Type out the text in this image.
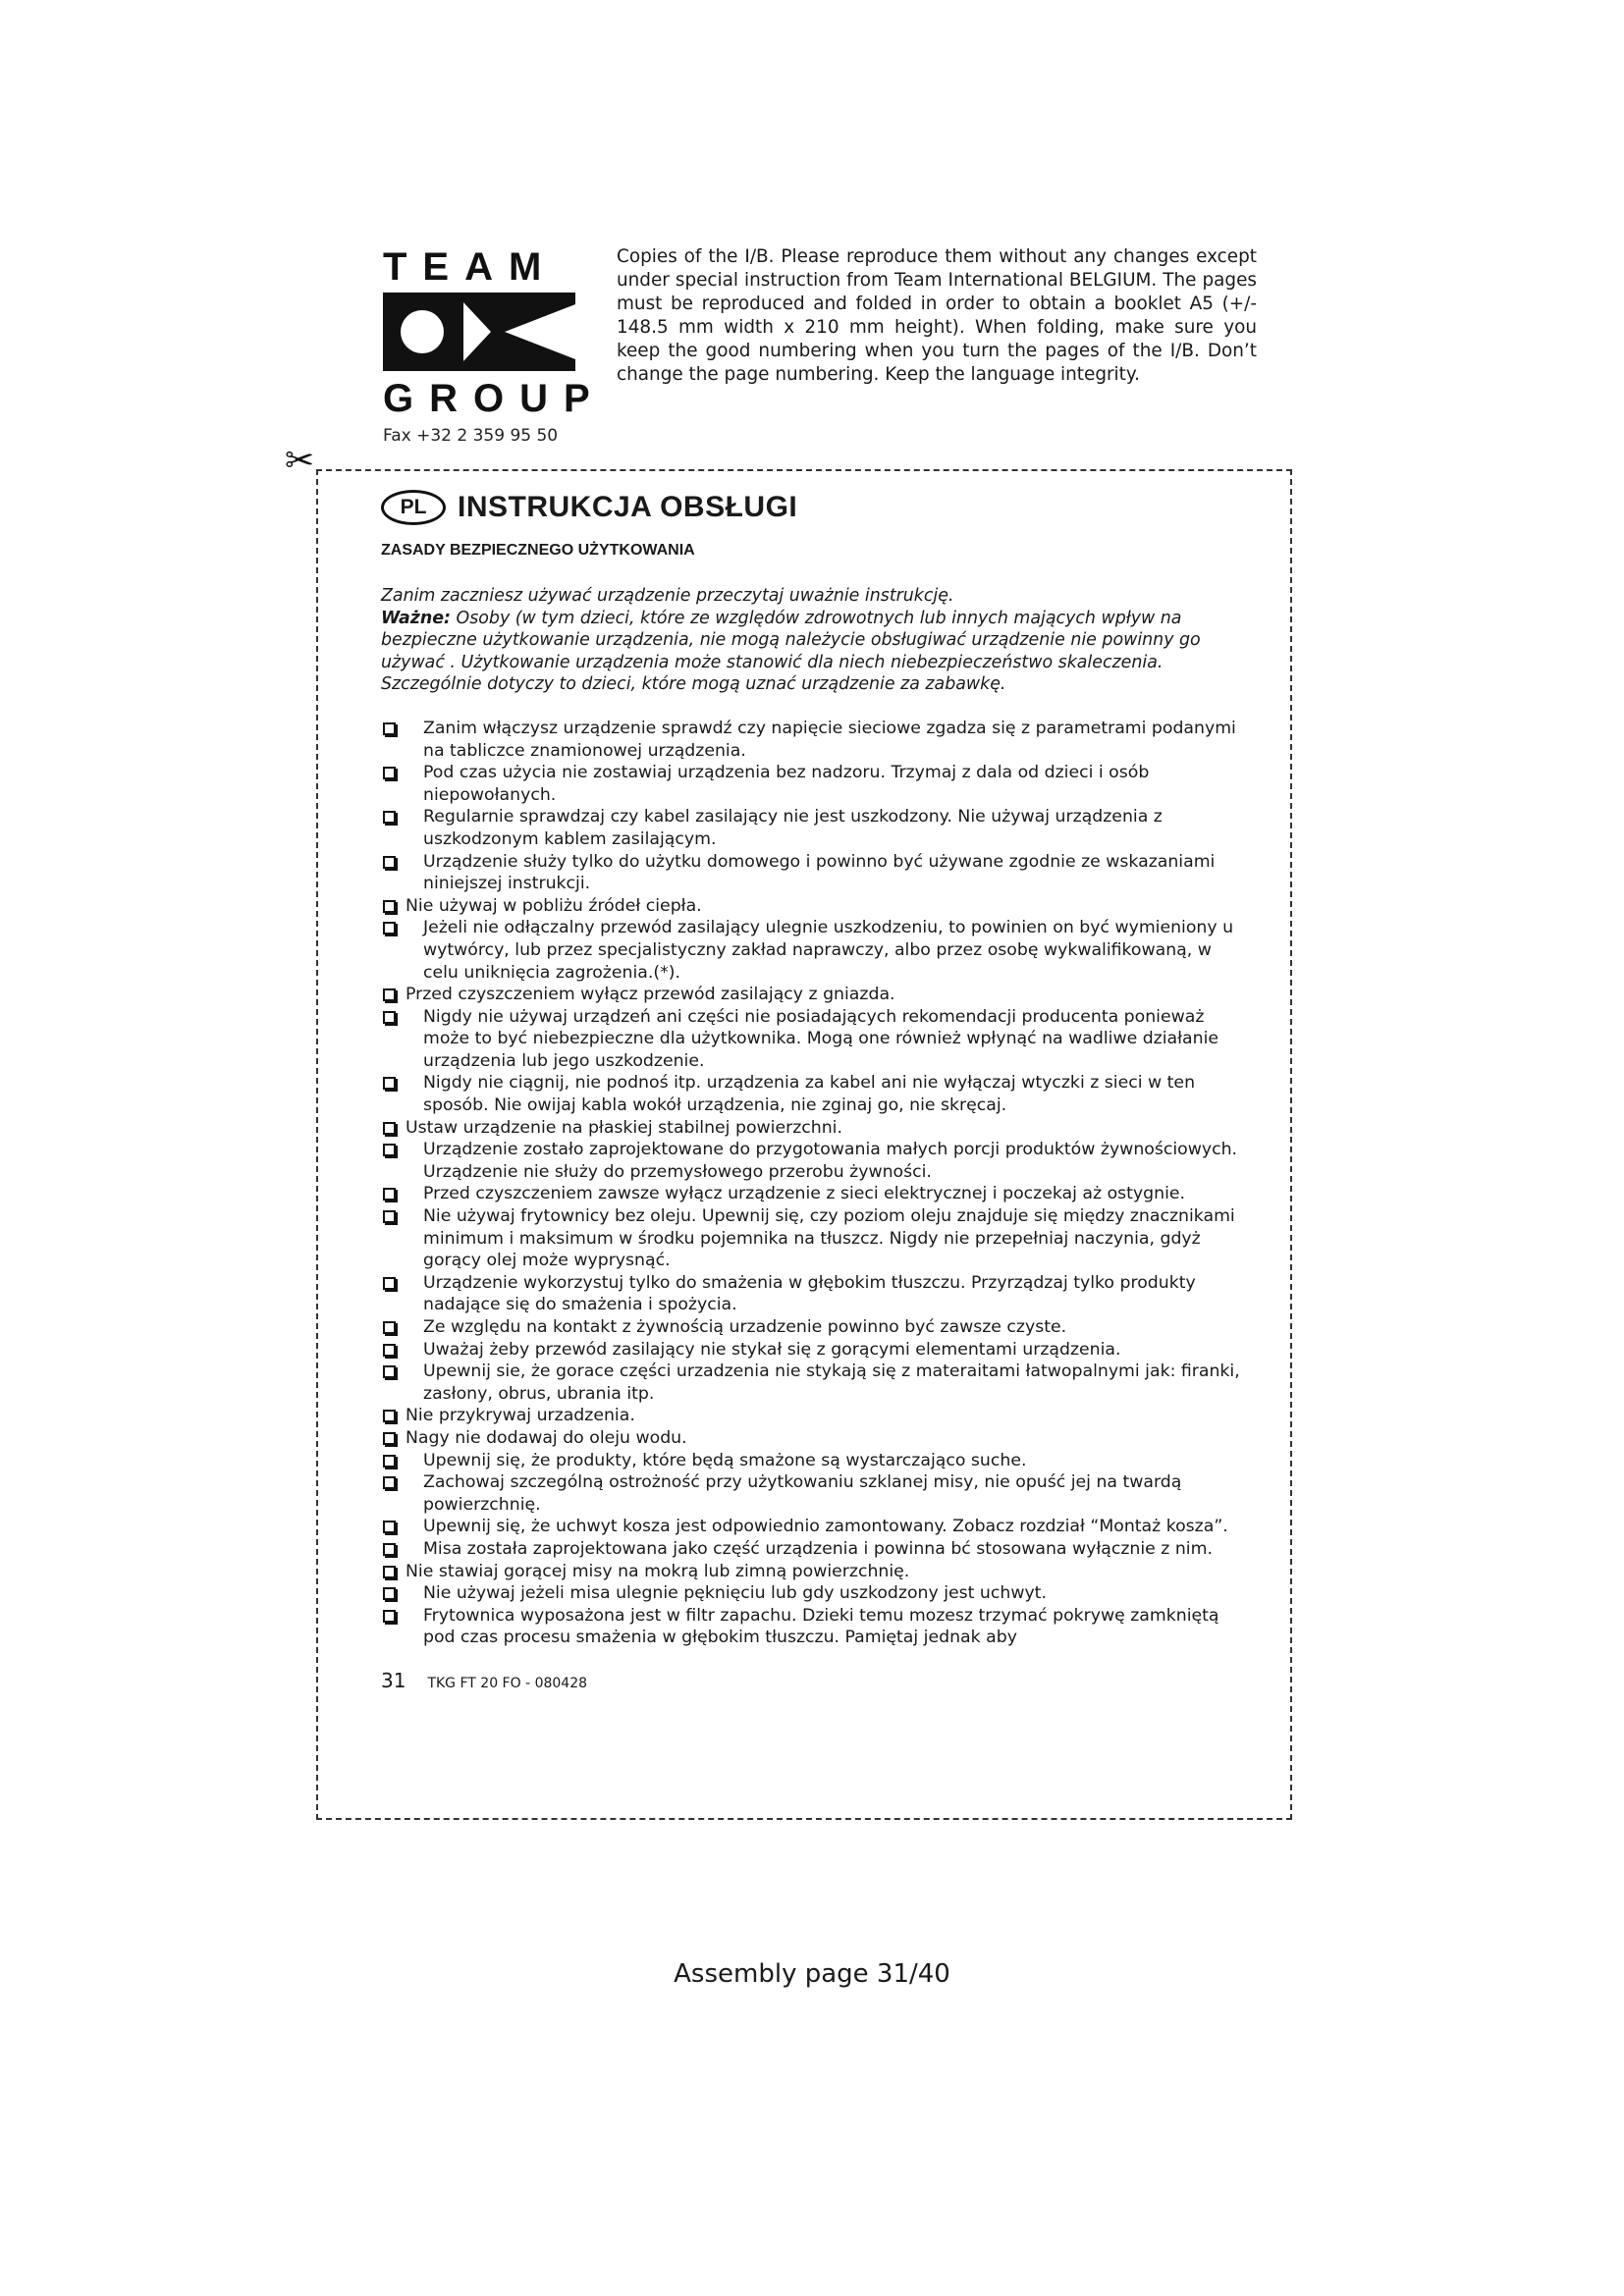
TEAM
GROUP
Fax +32 2 359 95 50
Copies of the I/B. Please reproduce them without any changes except under special instruction from Team International BELGIUM. The pages must be reproduced and folded in order to obtain a booklet A5 (+/- 148.5 mm width x 210 mm height). When folding, make sure you keep the good numbering when you turn the pages of the I/B. Don’t change the page numbering. Keep the language integrity.
✂
PL	INSTRUKCJA OBSŁUGI
ZASADY BEZPIECZNEGO UŻYTKOWANIA

Zanim zaczniesz używać urządzenie przeczytaj uważnie instrukcję.

Ważne: Osoby (w tym dzieci, które ze względów zdrowotnych lub innych mających wpływ na bezpieczne użytkowanie urządzenia, nie mogą należycie obsługiwać urządzenie nie powinny go używać . Użytkowanie urządzenia może stanowić dla niech niebezpieczeństwo skaleczenia. Szczególnie dotyczy to dzieci, które mogą uznać urządzenie za zabawkę.

Zanim włączysz urządzenie sprawdź czy napięcie sieciowe zgadza się z parametrami podanymi na tabliczce znamionowej urządzenia.
Pod czas użycia nie zostawiaj urządzenia bez nadzoru. Trzymaj z dala od dzieci i osób niepowołanych.
Regularnie sprawdzaj czy kabel zasilający nie jest uszkodzony. Nie używaj urządzenia z uszkodzonym kablem zasilającym.
Urządzenie służy tylko do użytku domowego i powinno być używane zgodnie ze wskazaniami niniejszej instrukcji.
Nie używaj w pobliżu źródeł ciepła.
Jeżeli nie odłączalny przewód zasilający ulegnie uszkodzeniu, to powinien on być wymieniony u wytwórcy, lub przez specjalistyczny zakład naprawczy, albo przez osobę wykwalifikowaną, w celu uniknięcia zagrożenia.(*).
Przed czyszczeniem wyłącz przewód zasilający z gniazda.
Nigdy nie używaj urządzeń ani części nie posiadających rekomendacji producenta ponieważ może to być niebezpieczne dla użytkownika. Mogą one również wpłynąć na wadliwe działanie urządzenia lub jego uszkodzenie.
Nigdy nie ciągnij, nie podnoś itp. urządzenia za kabel ani nie wyłączaj wtyczki z sieci w ten sposób. Nie owijaj kabla wokół urządzenia, nie zginaj go, nie skręcaj.
Ustaw urządzenie na płaskiej stabilnej powierzchni.
Urządzenie zostało zaprojektowane do przygotowania małych porcji produktów żywnościowych. Urządzenie nie służy do przemysłowego przerobu żywności.
Przed czyszczeniem zawsze wyłącz urządzenie z sieci elektrycznej i poczekaj aż ostygnie.
Nie używaj frytownicy bez oleju. Upewnij się, czy poziom oleju znajduje się między znacznikami minimum i maksimum w środku pojemnika na tłuszcz. Nigdy nie przepełniaj naczynia, gdyż gorący olej może wyprysnąć.
Urządzenie wykorzystuj tylko do smażenia w głębokim tłuszczu. Przyrządzaj tylko produkty nadające się do smażenia i spożycia.
Ze względu na kontakt z żywnością urzadzenie powinno być zawsze czyste.
Uważaj żeby przewód zasilający nie stykał się z gorącymi elementami urządzenia.
Upewnij sie, że gorace części urzadzenia nie stykają się z materaitami łatwopalnymi jak: firanki, zasłony, obrus, ubrania itp.
Nie przykrywaj urzadzenia.
Nagy nie dodawaj do oleju wodu.
Upewnij się, że produkty, które będą smażone są wystarczająco suche.
Zachowaj szczególną ostrożność przy użytkowaniu szklanej misy, nie opuść jej na twardą powierzchnię.
Upewnij się, że uchwyt kosza jest odpowiednio zamontowany. Zobacz rozdział “Montaż kosza”.
Misa została zaprojektowana jako część urządzenia i powinna bć stosowana wyłącznie z nim.
Nie stawiaj gorącej misy na mokrą lub zimną powierzchnię.
Nie używaj jeżeli misa ulegnie pęknięciu lub gdy uszkodzony jest uchwyt.
Frytownica wyposażona jest w filtr zapachu. Dzieki temu mozesz trzymać pokrywę zamkniętą pod czas procesu smażenia w głębokim tłuszczu. Pamiętaj jednak aby
31 TKG FT 20 FO - 080428
Assembly page 31/40
